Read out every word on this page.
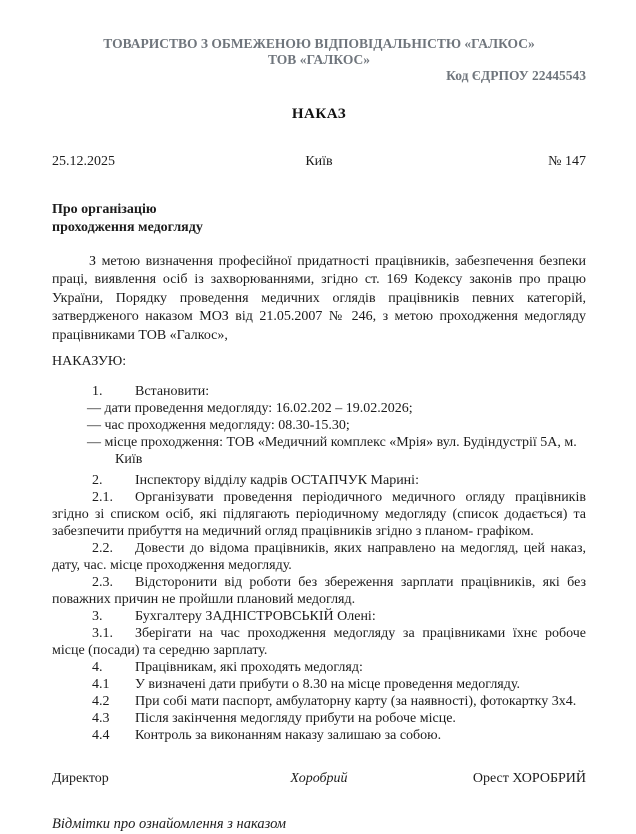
ТОВАРИСТВО З ОБМЕЖЕНОЮ ВІДПОВІДАЛЬНІСТЮ «ГАЛКОС»
ТОВ «ГАЛКОС»
Код ЄДРПОУ 22445543
НАКАЗ
25.12.2025	Київ	№ 147
Про організацію
проходження медогляду

З метою визначення професійної придатності працівників, забезпечення безпеки праці, виявлення осіб із захворюваннями, згідно ст. 169 Кодексу законів про працю України, Порядку проведення медичних оглядів працівників певних категорій, затвердженого наказом МОЗ від 21.05.2007 № 246, з метою проходження медогляду працівниками ТОВ «Галкос»,

НАКАЗУЮ:

1. Встановити:

— дати проведення медогляду: 16.02.202 – 19.02.2026;

— час проходження медогляду: 08.30-15.30;

— місце проходження: ТОВ «Медичний комплекс «Мрія» вул. Будіндустрії 5А, м. Київ

2. Інспектору відділу кадрів ОСТАПЧУК Марині:

2.1. Організувати проведення періодичного медичного огляду працівників згідно зі списком осіб, які підлягають періодичному медогляду (список додається) та забезпечити прибуття на медичний огляд працівників згідно з планом- графіком.

2.2. Довести до відома працівників, яких направлено на медогляд, цей наказ, дату, час. місце проходження медогляду.

2.3. Відсторонити від роботи без збереження зарплати працівників, які без поважних причин не пройшли плановий медогляд.

3. Бухгалтеру ЗАДНІСТРОВСЬКІЙ Олені:

3.1. Зберігати на час проходження медогляду за працівниками їхнє робоче місце (посади) та середню зарплату.

4. Працівникам, які проходять медогляд:

4.1 У визначені дати прибути о 8.30 на місце проведення медогляду.

4.2 При собі мати паспорт, амбулаторну карту (за наявності), фотокартку 3х4.

4.3 Після закінчення медогляду прибути на робоче місце.

4.4 Контроль за виконанням наказу залишаю за собою.

Директор	Хоробрий	Орест ХОРОБРИЙ

Відмітки про ознайомлення з наказом
